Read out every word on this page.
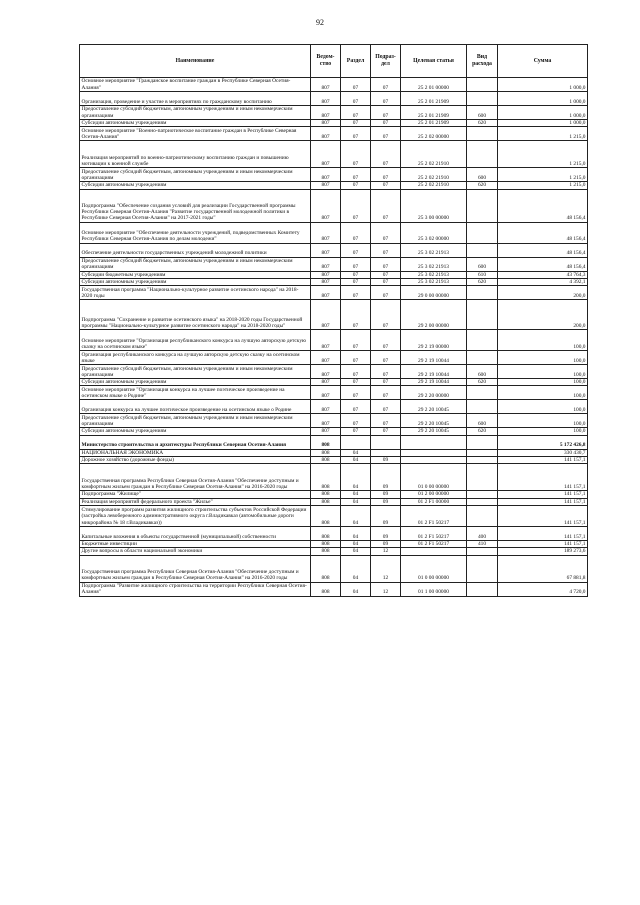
92
Наименование	Ведом-ство	Раздел	Подраз-дел	Целевая статья	Вид расхода	Сумма
Основное мероприятие "Гражданское воспитание граждан в Республике Северная Осетия-Алания"	807	07	07	25 2 01 00000		1 000,0
Организация, проведение и участие в мероприятиях по гражданскому воспитанию	807	07	07	25 2 01 21909		1 000,0
Предоставление субсидий бюджетным, автономным учреждениям и иным некоммерческим организациям	807	07	07	25 2 01 21909	600	1 000,0
Субсидии автономным учреждениям	807	07	07	25 2 01 21909	620	1 000,0
Основное мероприятие "Военно-патриотическое воспитание граждан в Республике Северная Осетия-Алания"	807	07	07	25 2 02 00000		1 215,0
Реализация мероприятий по военно-патриотическому воспитанию граждан и повышению мотивации к военной службе	807	07	07	25 2 02 21910		1 215,0
Предоставление субсидий бюджетным, автономным учреждениям и иным некоммерческим организациям	807	07	07	25 2 02 21910	600	1 215,0
Субсидии автономным учреждениям	807	07	07	25 2 02 21910	620	1 215,0
Подпрограмма "Обеспечение создания условий для реализации Государственной программы Республики Северная Осетия-Алания "Развитие государственной молодежной политики в Республике Северная Осетия-Алания" на 2017-2021 годы"	807	07	07	25 3 00 00000		48 156,4
Основное мероприятие "Обеспечение деятельности учреждений, подведомственных Комитету Республики Северная Осетия-Алания по делам молодежи"	807	07	07	25 3 02 00000		48 156,4
Обеспечение деятельности государственных учреждений молодежной политики	807	07	07	25 3 02 21913		48 156,4
Предоставление субсидий бюджетным, автономным учреждениям и иным некоммерческим организациям	807	07	07	25 3 02 21913	600	48 156,4
Субсидии бюджетным учреждениям	807	07	07	25 3 02 21913	610	43 764,3
Субсидии автономным учреждениям	807	07	07	25 3 02 21913	620	4 392,1
Государственная программа "Национально-культурное развитие осетинского народа" на 2018-2020 годы	807	07	07	29 0 00 00000		200,0
Подпрограмма "Сохранение и развитие осетинского языка" на 2018-2020 годы Государственной программы "Национально-культурное развитие осетинского народа" на 2018-2020 годы"	807	07	07	29 2 00 00000		200,0
Основное мероприятие "Организация республиканского конкурса на лучшую авторскую детскую сказку на осетинском языке"	807	07	07	29 2 19 00000		100,0
Организация республиканского конкурса на лучшую авторскую детскую сказку на осетинском языке	807	07	07	29 2 19 10044		100,0
Предоставление субсидий бюджетным, автономным учреждениям и иным некоммерческим организациям	807	07	07	29 2 19 10044	600	100,0
Субсидии автономным учреждениям	807	07	07	29 2 19 10044	620	100,0
Основное мероприятие "Организация конкурса на лучшее поэтическое произведение на осетинском языке о Родине"	807	07	07	29 2 20 00000		100,0
Организация конкурса на лучшее поэтическое произведение на осетинском языке о Родине	807	07	07	29 2 20 10045		100,0
Предоставление субсидий бюджетным, автономным учреждениям и иным некоммерческим организациям	807	07	07	29 2 20 10045	600	100,0
Субсидии автономным учреждениям	807	07	07	29 2 20 10045	620	100,0
Министерство строительства и архитектуры Республики Северная Осетия-Алания	808					5 172 426,8
НАЦИОНАЛЬНАЯ ЭКОНОМИКА	808	04				330 430,7
Дорожное хозяйство (дорожные фонды)	808	04	09			141 157,1
Государственная программа Республики Северная Осетия-Алания "Обеспечение доступным и комфортным жильем граждан в Республике Северная Осетия-Алания" на 2016-2020 годы	808	04	09	01 0 00 00000		141 157,1
Подпрограмма "Жилище"	808	04	09	01 2 00 00000		141 157,1
Реализация мероприятий федерального проекта "Жилье"	808	04	09	01 2 F1 00000		141 157,1
Стимулирование программ развития жилищного строительства субъектов Российской Федерации (застройка левобережного административного округа г.Владикавказ (автомобильные дороги микрорайона № 18 г.Владикавказ))	808	04	09	01 2 F1 50217		141 157,1
Капитальные вложения в объекты государственной (муниципальной) собственности	808	04	09	01 2 F1 50217	400	141 157,1
Бюджетные инвестиции	808	04	09	01 2 F1 50217	410	141 157,1
Другие вопросы в области национальной экономики	808	04	12			189 273,6
Государственная программа Республики Северная Осетия-Алания "Обеспечение доступным и комфортным жильем граждан в Республике Северная Осетия-Алания" на 2016-2020 годы	808	04	12	01 0 00 00000		67 881,8
Подпрограмма "Развитие жилищного строительства на территории Республики Северная Осетия-Алания"	808	04	12	01 1 00 00000		4 720,0
